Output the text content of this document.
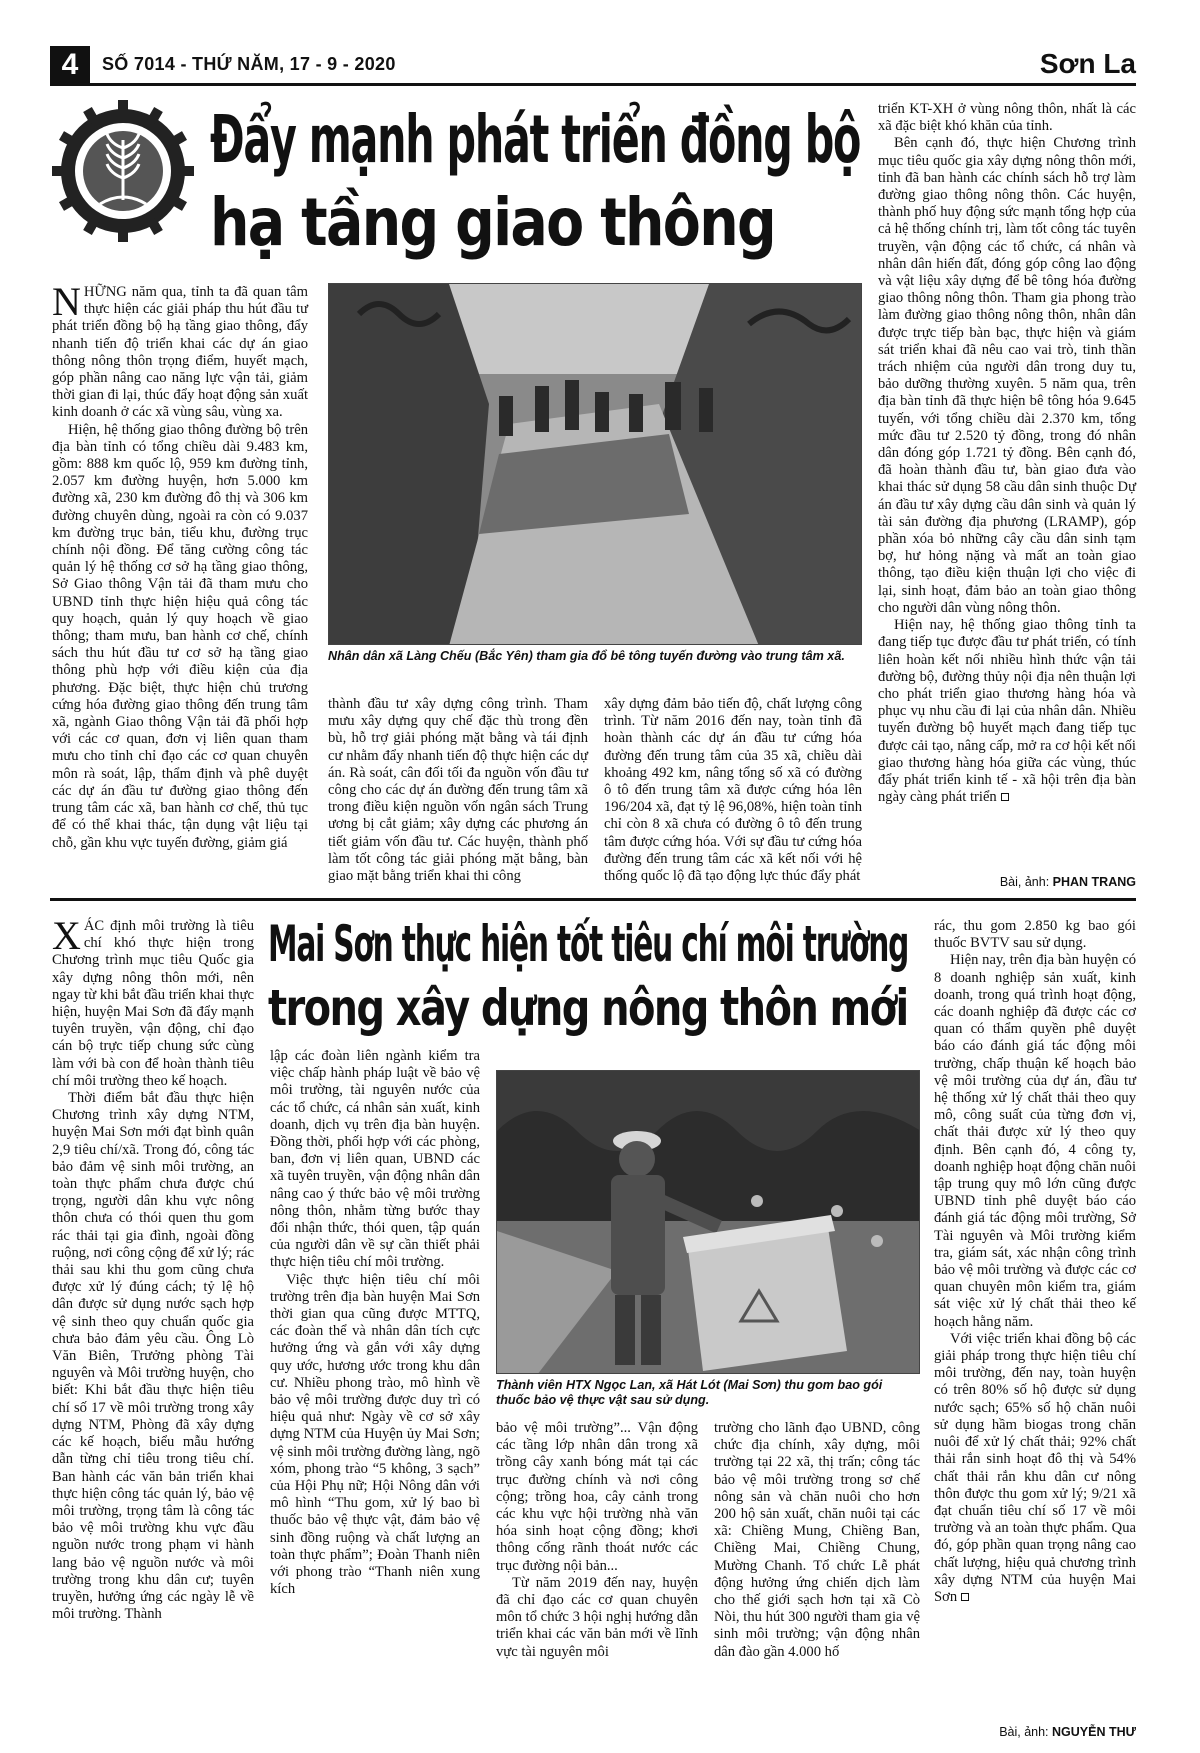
4	SỐ 7014 - THỨ NĂM, 17 - 9 - 2020	Sơn La
Đẩy mạnh phát triển đồng bộ
hạ tầng giao thông

NHỮNG năm qua, tỉnh ta đã quan tâm thực hiện các giải pháp thu hút đầu tư phát triển đồng bộ hạ tầng giao thông, đẩy nhanh tiến độ triển khai các dự án giao thông nông thôn trọng điểm, huyết mạch, góp phần nâng cao năng lực vận tải, giảm thời gian đi lại, thúc đẩy hoạt động sản xuất kinh doanh ở các xã vùng sâu, vùng xa.

Hiện, hệ thống giao thông đường bộ trên địa bàn tỉnh có tổng chiều dài 9.483 km, gồm: 888 km quốc lộ, 959 km đường tỉnh, 2.057 km đường huyện, hơn 5.000 km đường xã, 230 km đường đô thị và 306 km đường chuyên dùng, ngoài ra còn có 9.037 km đường trục bản, tiểu khu, đường trục chính nội đồng. Để tăng cường công tác quản lý hệ thống cơ sở hạ tầng giao thông, Sở Giao thông Vận tải đã tham mưu cho UBND tỉnh thực hiện hiệu quả công tác quy hoạch, quản lý quy hoạch về giao thông; tham mưu, ban hành cơ chế, chính sách thu hút đầu tư cơ sở hạ tầng giao thông phù hợp với điều kiện của địa phương. Đặc biệt, thực hiện chủ trương cứng hóa đường giao thông đến trung tâm xã, ngành Giao thông Vận tải đã phối hợp với các cơ quan, đơn vị liên quan tham mưu cho tỉnh chỉ đạo các cơ quan chuyên môn rà soát, lập, thẩm định và phê duyệt các dự án đầu tư đường giao thông đến trung tâm các xã, ban hành cơ chế, thủ tục để có thể khai thác, tận dụng vật liệu tại chỗ, gần khu vực tuyến đường, giảm giá

Nhân dân xã Làng Chếu (Bắc Yên) tham gia đổ bê tông tuyến đường vào trung tâm xã.

thành đầu tư xây dựng công trình. Tham mưu xây dựng quy chế đặc thù trong đền bù, hỗ trợ giải phóng mặt bằng và tái định cư nhằm đẩy nhanh tiến độ thực hiện các dự án. Rà soát, cân đối tối đa nguồn vốn đầu tư công cho các dự án đường đến trung tâm xã trong điều kiện nguồn vốn ngân sách Trung ương bị cắt giảm; xây dựng các phương án tiết giảm vốn đầu tư. Các huyện, thành phố làm tốt công tác giải phóng mặt bằng, bàn giao mặt bằng triển khai thi công

xây dựng đảm bảo tiến độ, chất lượng công trình. Từ năm 2016 đến nay, toàn tỉnh đã hoàn thành các dự án đầu tư cứng hóa đường đến trung tâm của 35 xã, chiều dài khoảng 492 km, nâng tổng số xã có đường ô tô đến trung tâm xã được cứng hóa lên 196/204 xã, đạt tỷ lệ 96,08%, hiện toàn tỉnh chỉ còn 8 xã chưa có đường ô tô đến trung tâm được cứng hóa. Với sự đầu tư cứng hóa đường đến trung tâm các xã kết nối với hệ thống quốc lộ đã tạo động lực thúc đẩy phát

triển KT-XH ở vùng nông thôn, nhất là các xã đặc biệt khó khăn của tỉnh.

Bên cạnh đó, thực hiện Chương trình mục tiêu quốc gia xây dựng nông thôn mới, tỉnh đã ban hành các chính sách hỗ trợ làm đường giao thông nông thôn. Các huyện, thành phố huy động sức mạnh tổng hợp của cả hệ thống chính trị, làm tốt công tác tuyên truyền, vận động các tổ chức, cá nhân và nhân dân hiến đất, đóng góp công lao động và vật liệu xây dựng để bê tông hóa đường giao thông nông thôn. Tham gia phong trào làm đường giao thông nông thôn, nhân dân được trực tiếp bàn bạc, thực hiện và giám sát triển khai đã nêu cao vai trò, tinh thần trách nhiệm của người dân trong duy tu, bảo dưỡng thường xuyên. 5 năm qua, trên địa bàn tỉnh đã thực hiện bê tông hóa 9.645 tuyến, với tổng chiều dài 2.370 km, tổng mức đầu tư 2.520 tỷ đồng, trong đó nhân dân đóng góp 1.721 tỷ đồng. Bên cạnh đó, đã hoàn thành đầu tư, bàn giao đưa vào khai thác sử dụng 58 cầu dân sinh thuộc Dự án đầu tư xây dựng cầu dân sinh và quản lý tài sản đường địa phương (LRAMP), góp phần xóa bỏ những cây cầu dân sinh tạm bợ, hư hỏng nặng và mất an toàn giao thông, tạo điều kiện thuận lợi cho việc đi lại, sinh hoạt, đảm bảo an toàn giao thông cho người dân vùng nông thôn.

Hiện nay, hệ thống giao thông tỉnh ta đang tiếp tục được đầu tư phát triển, có tính liên hoàn kết nối nhiều hình thức vận tải đường bộ, đường thủy nội địa nên thuận lợi cho phát triển giao thương hàng hóa và phục vụ nhu cầu đi lại của nhân dân. Nhiều tuyến đường bộ huyết mạch đang tiếp tục được cải tạo, nâng cấp, mở ra cơ hội kết nối giao thương hàng hóa giữa các vùng, thúc đẩy phát triển kinh tế - xã hội trên địa bàn ngày càng phát triển

Bài, ảnh: PHAN TRANG
Mai Sơn thực hiện tốt tiêu chí môi trường
trong xây dựng nông thôn mới

XÁC định môi trường là tiêu chí khó thực hiện trong Chương trình mục tiêu Quốc gia xây dựng nông thôn mới, nên ngay từ khi bắt đầu triển khai thực hiện, huyện Mai Sơn đã đẩy mạnh tuyên truyền, vận động, chỉ đạo cán bộ trực tiếp chung sức cùng làm với bà con để hoàn thành tiêu chí môi trường theo kế hoạch.

Thời điểm bắt đầu thực hiện Chương trình xây dựng NTM, huyện Mai Sơn mới đạt bình quân 2,9 tiêu chí/xã. Trong đó, công tác bảo đảm vệ sinh môi trường, an toàn thực phẩm chưa được chú trọng, người dân khu vực nông thôn chưa có thói quen thu gom rác thải tại gia đình, ngoài đồng ruộng, nơi công cộng để xử lý; rác thải sau khi thu gom cũng chưa được xử lý đúng cách; tỷ lệ hộ dân được sử dụng nước sạch hợp vệ sinh theo quy chuẩn quốc gia chưa bảo đảm yêu cầu. Ông Lò Văn Biên, Trưởng phòng Tài nguyên và Môi trường huyện, cho biết: Khi bắt đầu thực hiện tiêu chí số 17 về môi trường trong xây dựng NTM, Phòng đã xây dựng các kế hoạch, biểu mẫu hướng dẫn từng chỉ tiêu trong tiêu chí. Ban hành các văn bản triển khai thực hiện công tác quản lý, bảo vệ môi trường, trọng tâm là công tác bảo vệ môi trường khu vực đầu nguồn nước trong phạm vi hành lang bảo vệ nguồn nước và môi trường trong khu dân cư; tuyên truyền, hưởng ứng các ngày lễ về môi trường. Thành

lập các đoàn liên ngành kiểm tra việc chấp hành pháp luật về bảo vệ môi trường, tài nguyên nước của các tổ chức, cá nhân sản xuất, kinh doanh, dịch vụ trên địa bàn huyện. Đồng thời, phối hợp với các phòng, ban, đơn vị liên quan, UBND các xã tuyên truyền, vận động nhân dân nâng cao ý thức bảo vệ môi trường nông thôn, nhằm từng bước thay đổi nhận thức, thói quen, tập quán của người dân về sự cần thiết phải thực hiện tiêu chí môi trường.

Việc thực hiện tiêu chí môi trường trên địa bàn huyện Mai Sơn thời gian qua cũng được MTTQ, các đoàn thể và nhân dân tích cực hưởng ứng và gắn với xây dựng quy ước, hương ước trong khu dân cư. Nhiều phong trào, mô hình về bảo vệ môi trường được duy trì có hiệu quả như: Ngày về cơ sở xây dựng NTM của Huyện ủy Mai Sơn; vệ sinh môi trường đường làng, ngõ xóm, phong trào “5 không, 3 sạch” của Hội Phụ nữ; Hội Nông dân với mô hình “Thu gom, xử lý bao bì thuốc bảo vệ thực vật, đảm bảo vệ sinh đồng ruộng và chất lượng an toàn thực phẩm”; Đoàn Thanh niên với phong trào “Thanh niên xung kích

Thành viên HTX Ngọc Lan, xã Hát Lót (Mai Sơn) thu gom bao gói thuốc bảo vệ thực vật sau sử dụng.

bảo vệ môi trường”... Vận động các tầng lớp nhân dân trong xã trồng cây xanh bóng mát tại các trục đường chính và nơi công cộng; trồng hoa, cây cảnh trong các khu vực hội trường nhà văn hóa sinh hoạt cộng đồng; khơi thông cống rãnh thoát nước các trục đường nội bản...

Từ năm 2019 đến nay, huyện đã chỉ đạo các cơ quan chuyên môn tổ chức 3 hội nghị hướng dẫn triển khai các văn bản mới về lĩnh vực tài nguyên môi

trường cho lãnh đạo UBND, công chức địa chính, xây dựng, môi trường tại 22 xã, thị trấn; công tác bảo vệ môi trường trong sơ chế nông sản và chăn nuôi cho hơn 200 hộ sản xuất, chăn nuôi tại các xã: Chiềng Mung, Chiềng Ban, Chiềng Mai, Chiềng Chung, Mường Chanh. Tổ chức Lễ phát động hưởng ứng chiến dịch làm cho thế giới sạch hơn tại xã Cò Nòi, thu hút 300 người tham gia vệ sinh môi trường; vận động nhân dân đào gần 4.000 hố

rác, thu gom 2.850 kg bao gói thuốc BVTV sau sử dụng.

Hiện nay, trên địa bàn huyện có 8 doanh nghiệp sản xuất, kinh doanh, trong quá trình hoạt động, các doanh nghiệp đã được các cơ quan có thẩm quyền phê duyệt báo cáo đánh giá tác động môi trường, chấp thuận kế hoạch bảo vệ môi trường của dự án, đầu tư hệ thống xử lý chất thải theo quy mô, công suất của từng đơn vị, chất thải được xử lý theo quy định. Bên cạnh đó, 4 công ty, doanh nghiệp hoạt động chăn nuôi tập trung quy mô lớn cũng được UBND tỉnh phê duyệt báo cáo đánh giá tác động môi trường, Sở Tài nguyên và Môi trường kiểm tra, giám sát, xác nhận công trình bảo vệ môi trường và được các cơ quan chuyên môn kiểm tra, giám sát việc xử lý chất thải theo kế hoạch hằng năm.

Với việc triển khai đồng bộ các giải pháp trong thực hiện tiêu chí môi trường, đến nay, toàn huyện có trên 80% số hộ được sử dụng nước sạch; 65% số hộ chăn nuôi sử dụng hầm biogas trong chăn nuôi để xử lý chất thải; 92% chất thải rắn sinh hoạt đô thị và 54% chất thải rắn khu dân cư nông thôn được thu gom xử lý; 9/21 xã đạt chuẩn tiêu chí số 17 về môi trường và an toàn thực phẩm. Qua đó, góp phần quan trọng nâng cao chất lượng, hiệu quả chương trình xây dựng NTM của huyện Mai Sơn

Bài, ảnh: NGUYỄN THƯ
